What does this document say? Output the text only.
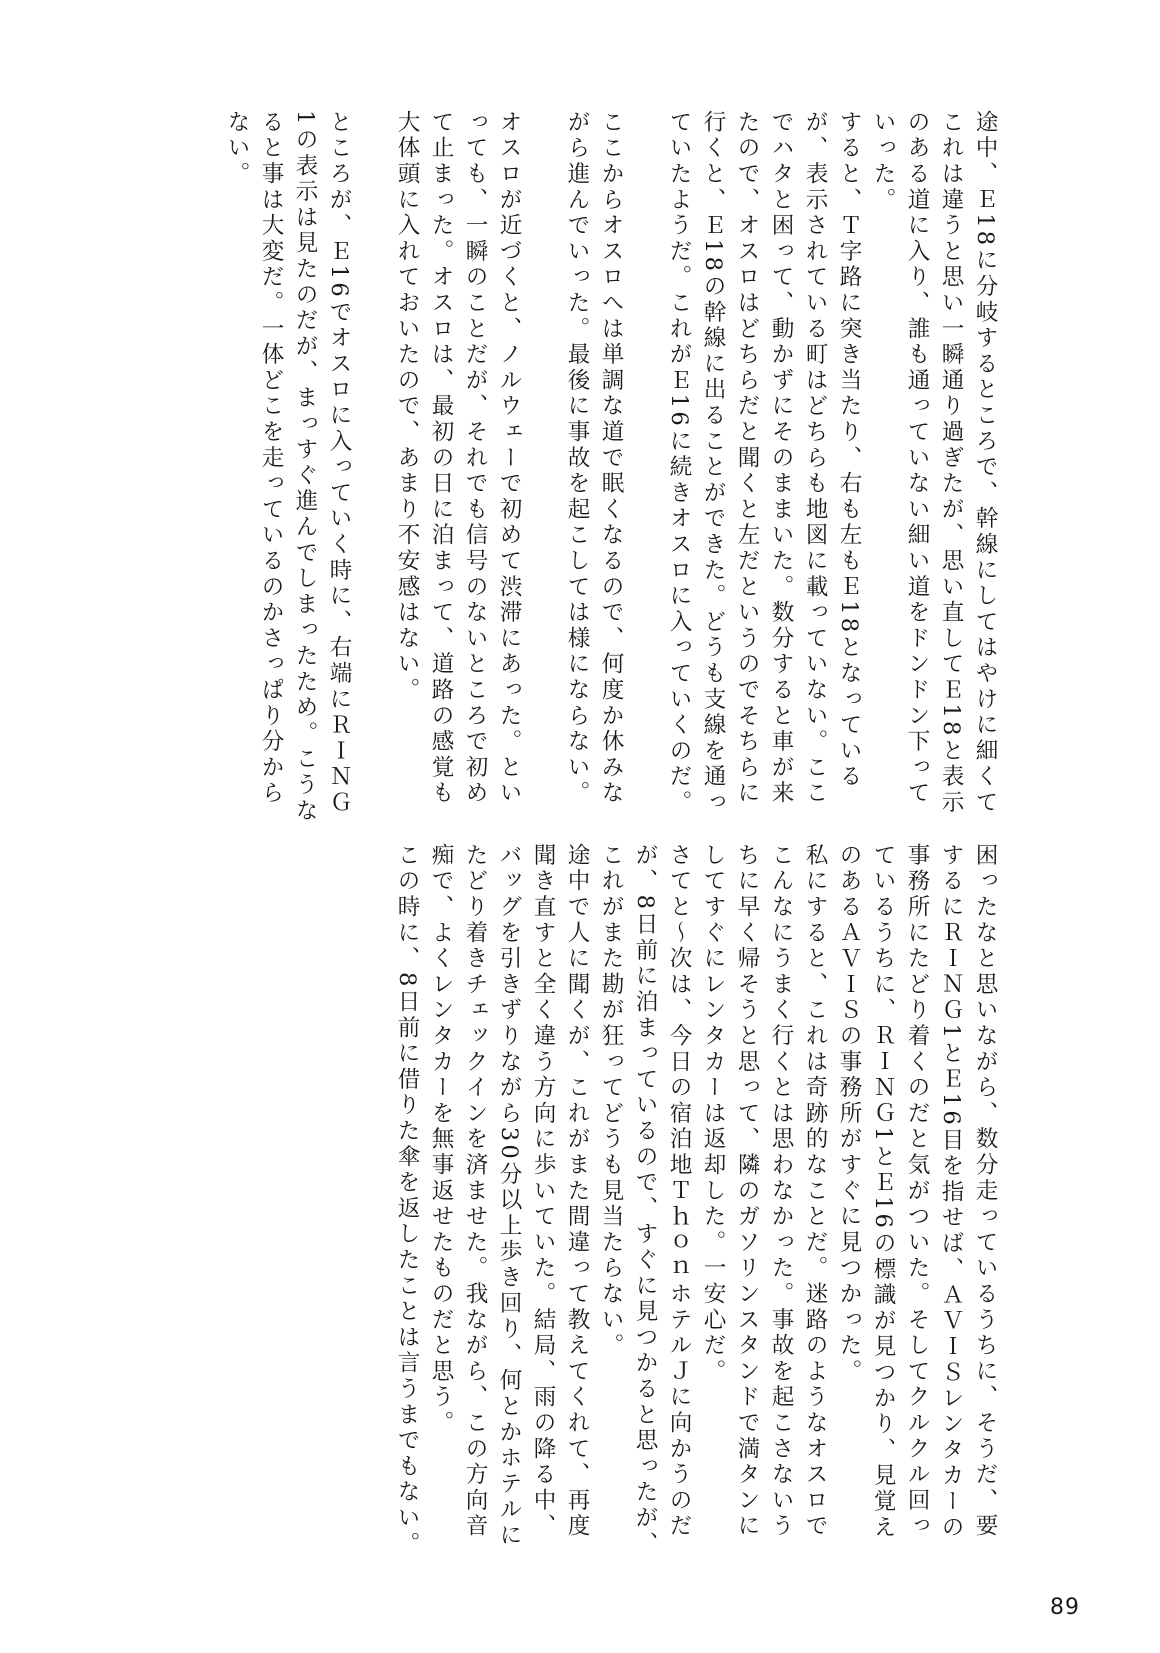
途中、Ｅ18に分岐するところで、幹線にしてはやけに細くてこれは違うと思い一瞬通り過ぎたが、思い直してＥ18と表示のある道に入り、誰も通っていない細い道をドンドン下っていった。

すると、Ｔ字路に突き当たり、右も左もＥ18となっているが、表示されている町はどちらも地図に載っていない。ここでハタと困って、動かずにそのままいた。数分すると車が来たので、オスロはどちらだと聞くと左だというのでそちらに行くと、Ｅ18の幹線に出ることができた。どうも支線を通っていたようだ。これがＥ16に続きオスロに入っていくのだ。

ここからオスロへは単調な道で眠くなるので、何度か休みながら進んでいった。最後に事故を起こしては様にならない。

オスロが近づくと、ノルウェーで初めて渋滞にあった。といっても、一瞬のことだが、それでも信号のないところで初めて止まった。オスロは、最初の日に泊まって、道路の感覚も大体頭に入れておいたので、あまり不安感はない。

ところが、Ｅ16でオスロに入っていく時に、右端にＲＩＮＧ1の表示は見たのだが、まっすぐ進んでしまったため。こうなると事は大変だ。一体どこを走っているのかさっぱり分からない。

困ったなと思いながら、数分走っているうちに、そうだ、要するにＲＩＮＧ1とＥ16目を指せば、ＡＶＩＳレンタカーの事務所にたどり着くのだと気がついた。そしてクルクル回っているうちに、ＲＩＮＧ1とＥ16の標識が見つかり、見覚えのあるＡＶＩＳの事務所がすぐに見つかった。

私にすると、これは奇跡的なことだ。迷路のようなオスロでこんなにうまく行くとは思わなかった。事故を起こさないうちに早く帰そうと思って、隣のガソリンスタンドで満タンにしてすぐにレンタカーは返却した。一安心だ。

さてと～次は、今日の宿泊地ＴｈｏｎホテルＪに向かうのだが、8日前に泊まっているので、すぐに見つかると思ったが、これがまた勘が狂ってどうも見当たらない。

途中で人に聞くが、これがまた間違って教えてくれて、再度聞き直すと全く違う方向に歩いていた。結局、雨の降る中、バッグを引きずりながら30分以上歩き回り、何とかホテルにたどり着きチェックインを済ませた。我ながら、この方向音痴で、よくレンタカーを無事返せたものだと思う。

この時に、8日前に借りた傘を返したことは言うまでもない。

89
